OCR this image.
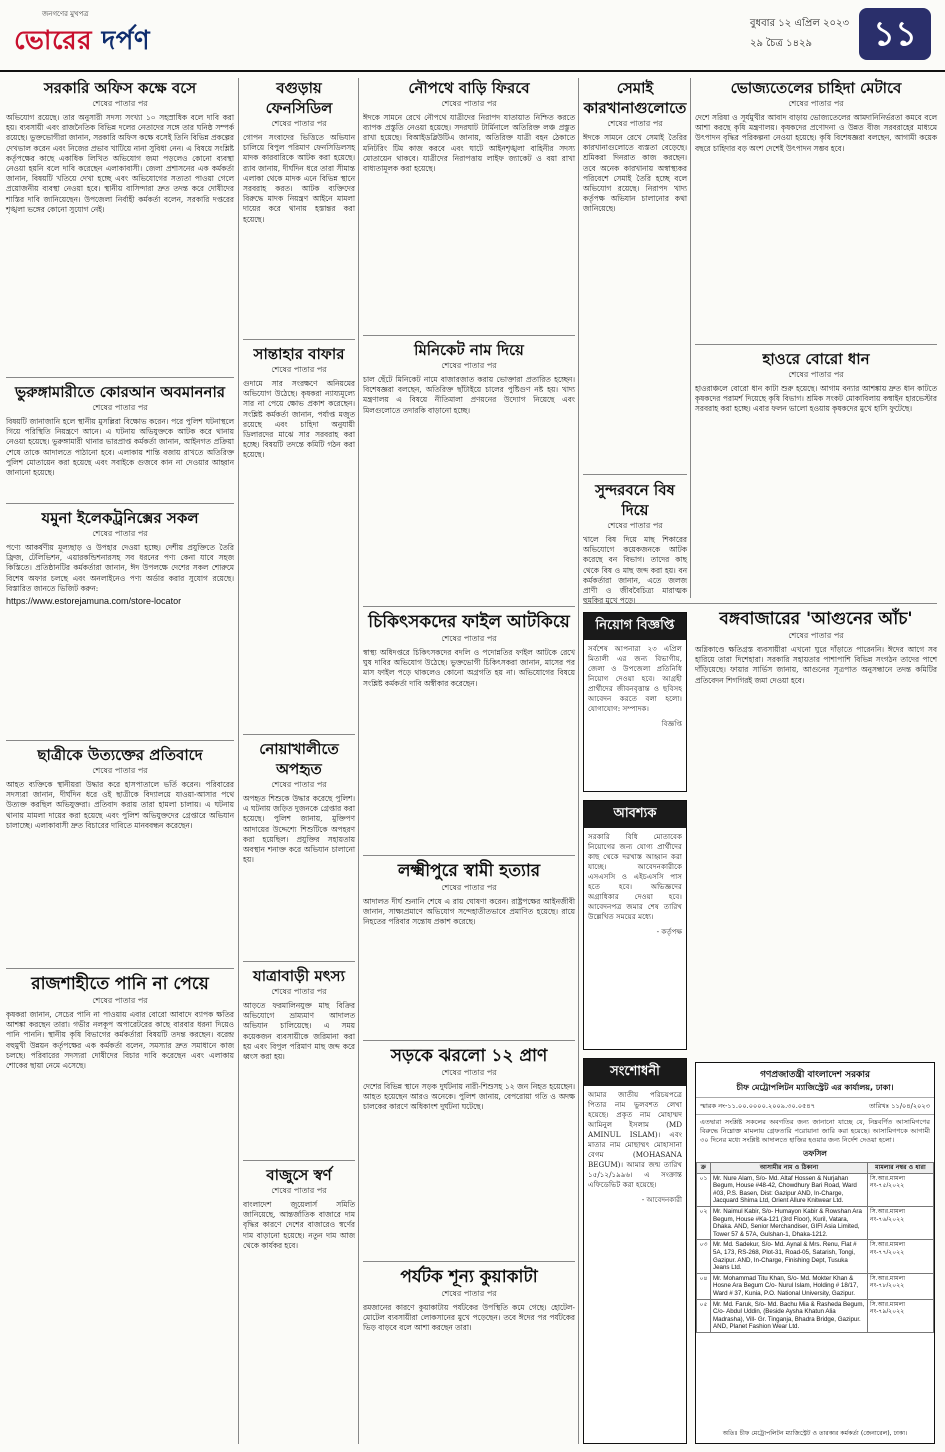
জনগণের মুখপত্র
ভোরের দর্পণ
বুধবার ১২ এপ্রিল ২০২৩
২৯ চৈত্র ১৪২৯	১১
সরকারি অফিস কক্ষে বসে
শেষের পাতার পর
অভিযোগ রয়েছে। তার অনুসারী সদস্য সংখ্যা ১০ সহস্রাধিক বলে দাবি করা হয়। ব্যবসায়ী এবং রাজনৈতিক বিভিন্ন দলের নেতাদের সঙ্গে তার ঘনিষ্ঠ সম্পর্ক রয়েছে। ভুক্তভোগীরা জানান, সরকারি অফিস কক্ষে বসেই তিনি বিভিন্ন প্রকল্পের দেখভাল করেন এবং নিজের প্রভাব খাটিয়ে নানা সুবিধা নেন। এ বিষয়ে সংশ্লিষ্ট কর্তৃপক্ষের কাছে একাধিক লিখিত অভিযোগ জমা পড়লেও কোনো ব্যবস্থা নেওয়া হয়নি বলে দাবি করেছেন এলাকাবাসী। জেলা প্রশাসনের এক কর্মকর্তা জানান, বিষয়টি খতিয়ে দেখা হচ্ছে এবং অভিযোগের সত্যতা পাওয়া গেলে প্রয়োজনীয় ব্যবস্থা নেওয়া হবে। স্থানীয় বাসিন্দারা দ্রুত তদন্ত করে দোষীদের শাস্তির দাবি জানিয়েছেন। উপজেলা নির্বাহী কর্মকর্তা বলেন, সরকারি দপ্তরের শৃঙ্খলা ভঙ্গের কোনো সুযোগ নেই।
ভুরুঙ্গামারীতে কোরআন অবমাননার
শেষের পাতার পর
বিষয়টি জানাজানি হলে স্থানীয় মুসল্লিরা বিক্ষোভ করেন। পরে পুলিশ ঘটনাস্থলে গিয়ে পরিস্থিতি নিয়ন্ত্রণে আনে। এ ঘটনায় অভিযুক্তকে আটক করে থানায় নেওয়া হয়েছে। ভুরুঙ্গামারী থানার ভারপ্রাপ্ত কর্মকর্তা জানান, আইনগত প্রক্রিয়া শেষে তাকে আদালতে পাঠানো হবে। এলাকায় শান্তি বজায় রাখতে অতিরিক্ত পুলিশ মোতায়েন করা হয়েছে এবং সবাইকে গুজবে কান না দেওয়ার আহ্বান জানানো হয়েছে।
যমুনা ইলেকট্রনিক্সের সকল
শেষের পাতার পর
পণ্যে আকর্ষণীয় মূল্যছাড় ও উপহার দেওয়া হচ্ছে। দেশীয় প্রযুক্তিতে তৈরি ফ্রিজ, টেলিভিশন, এয়ারকন্ডিশনারসহ সব ধরনের পণ্য কেনা যাবে সহজ কিস্তিতে। প্রতিষ্ঠানটির কর্মকর্তারা জানান, ঈদ উপলক্ষে দেশের সকল শোরুমে বিশেষ অফার চলছে এবং অনলাইনেও পণ্য অর্ডার করার সুযোগ রয়েছে। বিস্তারিত জানতে ভিজিট করুন:
https://www.estorejamuna.com/store-locator
ছাত্রীকে উত্যক্তের প্রতিবাদে
শেষের পাতার পর
আহত ব্যক্তিকে স্থানীয়রা উদ্ধার করে হাসপাতালে ভর্তি করেন। পরিবারের সদস্যরা জানান, দীর্ঘদিন ধরে ওই ছাত্রীকে বিদ্যালয়ে যাওয়া-আসার পথে উত্যক্ত করছিল অভিযুক্তরা। প্রতিবাদ করায় তারা হামলা চালায়। এ ঘটনায় থানায় মামলা দায়ের করা হয়েছে এবং পুলিশ অভিযুক্তদের গ্রেপ্তারে অভিযান চালাচ্ছে। এলাকাবাসী দ্রুত বিচারের দাবিতে মানববন্ধন করেছেন।
রাজশাহীতে পানি না পেয়ে
শেষের পাতার পর
কৃষকরা জানান, সেচের পানি না পাওয়ায় এবার বোরো আবাদে ব্যাপক ক্ষতির আশঙ্কা করছেন তারা। গভীর নলকূপ অপারেটরের কাছে বারবার ধরনা দিয়েও পানি পাননি। স্থানীয় কৃষি বিভাগের কর্মকর্তারা বিষয়টি তদন্ত করছেন। বরেন্দ্র বহুমুখী উন্নয়ন কর্তৃপক্ষের এক কর্মকর্তা বলেন, সমস্যার দ্রুত সমাধানে কাজ চলছে। পরিবারের সদস্যরা দোষীদের বিচার দাবি করেছেন এবং এলাকায় শোকের ছায়া নেমে এসেছে।
বগুড়ায় ফেনসিডিল
শেষের পাতার পর
গোপন সংবাদের ভিত্তিতে অভিযান চালিয়ে বিপুল পরিমাণ ফেনসিডিলসহ মাদক কারবারিকে আটক করা হয়েছে। র‍্যাব জানায়, দীর্ঘদিন ধরে তারা সীমান্ত এলাকা থেকে মাদক এনে বিভিন্ন স্থানে সরবরাহ করত। আটক ব্যক্তিদের বিরুদ্ধে মাদক নিয়ন্ত্রণ আইনে মামলা দায়ের করে থানায় হস্তান্তর করা হয়েছে।
সান্তাহার বাফার
শেষের পাতার পর
গুদামে সার সংরক্ষণে অনিয়মের অভিযোগ উঠেছে। কৃষকরা ন্যায্যমূল্যে সার না পেয়ে ক্ষোভ প্রকাশ করেছেন। সংশ্লিষ্ট কর্মকর্তা জানান, পর্যাপ্ত মজুত রয়েছে এবং চাহিদা অনুযায়ী ডিলারদের মাঝে সার সরবরাহ করা হচ্ছে। বিষয়টি তদন্তে কমিটি গঠন করা হয়েছে।
নোয়াখালীতে অপহৃত
শেষের পাতার পর
অপহৃত শিশুকে উদ্ধার করেছে পুলিশ। এ ঘটনায় জড়িত দুজনকে গ্রেপ্তার করা হয়েছে। পুলিশ জানায়, মুক্তিপণ আদায়ের উদ্দেশ্যে শিশুটিকে অপহরণ করা হয়েছিল। প্রযুক্তির সহায়তায় অবস্থান শনাক্ত করে অভিযান চালানো হয়।
যাত্রাবাড়ী মৎস্য
শেষের পাতার পর
আড়তে ফরমালিনযুক্ত মাছ বিক্রির অভিযোগে ভ্রাম্যমাণ আদালত অভিযান চালিয়েছে। এ সময় কয়েকজন ব্যবসায়ীকে জরিমানা করা হয় এবং বিপুল পরিমাণ মাছ জব্দ করে ধ্বংস করা হয়।
বাজুসে স্বর্ণ
শেষের পাতার পর
বাংলাদেশ জুয়েলার্স সমিতি জানিয়েছে, আন্তর্জাতিক বাজারে দাম বৃদ্ধির কারণে দেশের বাজারেও স্বর্ণের দাম বাড়ানো হয়েছে। নতুন দাম আজ থেকে কার্যকর হবে।
নৌপথে বাড়ি ফিরবে
শেষের পাতার পর
ঈদকে সামনে রেখে নৌপথে যাত্রীদের নিরাপদ যাতায়াত নিশ্চিত করতে ব্যাপক প্রস্তুতি নেওয়া হয়েছে। সদরঘাট টার্মিনালে অতিরিক্ত লঞ্চ প্রস্তুত রাখা হয়েছে। বিআইডব্লিউটিএ জানায়, অতিরিক্ত যাত্রী বহন ঠেকাতে মনিটরিং টিম কাজ করবে এবং ঘাটে আইনশৃঙ্খলা বাহিনীর সদস্য মোতায়েন থাকবে। যাত্রীদের নিরাপত্তায় লাইফ জ্যাকেট ও বয়া রাখা বাধ্যতামূলক করা হয়েছে।
মিনিকেট নাম দিয়ে
শেষের পাতার পর
চাল ছেঁটে মিনিকেট নামে বাজারজাত করায় ভোক্তারা প্রতারিত হচ্ছেন। বিশেষজ্ঞরা বলছেন, অতিরিক্ত ছাঁটাইয়ে চালের পুষ্টিগুণ নষ্ট হয়। খাদ্য মন্ত্রণালয় এ বিষয়ে নীতিমালা প্রণয়নের উদ্যোগ নিয়েছে এবং মিলগুলোতে তদারকি বাড়ানো হচ্ছে।
চিকিৎসকদের ফাইল আটকিয়ে
শেষের পাতার পর
স্বাস্থ্য অধিদপ্তরে চিকিৎসকদের বদলি ও পদোন্নতির ফাইল আটকে রেখে ঘুষ দাবির অভিযোগ উঠেছে। ভুক্তভোগী চিকিৎসকরা জানান, মাসের পর মাস ফাইল পড়ে থাকলেও কোনো অগ্রগতি হয় না। অভিযোগের বিষয়ে সংশ্লিষ্ট কর্মকর্তা দাবি অস্বীকার করেছেন।
লক্ষ্মীপুরে স্বামী হত্যার
শেষের পাতার পর
আদালত দীর্ঘ শুনানি শেষে এ রায় ঘোষণা করেন। রাষ্ট্রপক্ষের আইনজীবী জানান, সাক্ষ্যপ্রমাণে অভিযোগ সন্দেহাতীতভাবে প্রমাণিত হয়েছে। রায়ে নিহতের পরিবার সন্তোষ প্রকাশ করেছে।
সড়কে ঝরলো ১২ প্রাণ
শেষের পাতার পর
দেশের বিভিন্ন স্থানে সড়ক দুর্ঘটনায় নারী-শিশুসহ ১২ জন নিহত হয়েছেন। আহত হয়েছেন আরও অনেকে। পুলিশ জানায়, বেপরোয়া গতি ও অদক্ষ চালকের কারণে অধিকাংশ দুর্ঘটনা ঘটেছে।
পর্যটক শূন্য কুয়াকাটা
শেষের পাতার পর
রমজানের কারণে কুয়াকাটায় পর্যটকের উপস্থিতি কমে গেছে। হোটেল-মোটেল ব্যবসায়ীরা লোকসানের মুখে পড়েছেন। তবে ঈদের পর পর্যটকের ভিড় বাড়বে বলে আশা করছেন তারা।
সেমাই কারখানাগুলোতে
শেষের পাতার পর
ঈদকে সামনে রেখে সেমাই তৈরির কারখানাগুলোতে ব্যস্ততা বেড়েছে। শ্রমিকরা দিনরাত কাজ করছেন। তবে অনেক কারখানায় অস্বাস্থ্যকর পরিবেশে সেমাই তৈরি হচ্ছে বলে অভিযোগ রয়েছে। নিরাপদ খাদ্য কর্তৃপক্ষ অভিযান চালানোর কথা জানিয়েছে।
ভোজ্যতেলের চাহিদা মেটাবে
শেষের পাতার পর
দেশে সরিষা ও সূর্যমুখীর আবাদ বাড়ায় ভোজ্যতেলের আমদানিনির্ভরতা কমবে বলে আশা করছে কৃষি মন্ত্রণালয়। কৃষকদের প্রণোদনা ও উন্নত বীজ সরবরাহের মাধ্যমে উৎপাদন বৃদ্ধির পরিকল্পনা নেওয়া হয়েছে। কৃষি বিশেষজ্ঞরা বলছেন, আগামী কয়েক বছরে চাহিদার বড় অংশ দেশেই উৎপাদন সম্ভব হবে।
হাওরে বোরো ধান
শেষের পাতার পর
হাওরাঞ্চলে বোরো ধান কাটা শুরু হয়েছে। আগাম বন্যার আশঙ্কায় দ্রুত ধান কাটতে কৃষকদের পরামর্শ দিয়েছে কৃষি বিভাগ। শ্রমিক সংকট মোকাবিলায় কম্বাইন হারভেস্টার সরবরাহ করা হচ্ছে। এবার ফলন ভালো হওয়ায় কৃষকদের মুখে হাসি ফুটেছে।
সুন্দরবনে বিষ দিয়ে
শেষের পাতার পর
খালে বিষ দিয়ে মাছ শিকারের অভিযোগে কয়েকজনকে আটক করেছে বন বিভাগ। তাদের কাছ থেকে বিষ ও মাছ জব্দ করা হয়। বন কর্মকর্তারা জানান, এতে জলজ প্রাণী ও জীববৈচিত্র্য মারাত্মক হুমকির মুখে পড়ে।
বঙ্গবাজারের 'আগুনের আঁচ'
শেষের পাতার পর
অগ্নিকাণ্ডে ক্ষতিগ্রস্ত ব্যবসায়ীরা এখনো ঘুরে দাঁড়াতে পারেননি। ঈদের আগে সব হারিয়ে তারা দিশেহারা। সরকারি সহায়তার পাশাপাশি বিভিন্ন সংগঠন তাদের পাশে দাঁড়িয়েছে। ফায়ার সার্ভিস জানায়, আগুনের সূত্রপাত অনুসন্ধানে তদন্ত কমিটির প্রতিবেদন শিগগিরই জমা দেওয়া হবে।
নিয়োগ বিজ্ঞপ্তি
সর্বশেষ আপনারা ২৩ এপ্রিল মিতালী এর জন্য বিভাগীয়, জেলা ও উপজেলা প্রতিনিধি নিয়োগ দেওয়া হবে। আগ্রহী প্রার্থীদের জীবনবৃত্তান্ত ও ছবিসহ আবেদন করতে বলা হলো। যোগাযোগ: সম্পাদক।
বিজ্ঞপ্তি
আবশ্যক
সরকারি বিধি মোতাবেক নিয়োগের জন্য যোগ্য প্রার্থীদের কাছ থেকে দরখাস্ত আহ্বান করা যাচ্ছে। আবেদনকারীকে এসএসসি ও এইচএসসি পাস হতে হবে। অভিজ্ঞদের অগ্রাধিকার দেওয়া হবে। আবেদনপত্র জমার শেষ তারিখ উল্লেখিত সময়ের মধ্যে।
- কর্তৃপক্ষ
সংশোধনী
আমার জাতীয় পরিচয়পত্রে পিতার নাম ভুলবশত লেখা হয়েছে। প্রকৃত নাম মোহাম্মদ আমিনুল ইসলাম (MD AMINUL ISLAM)। এবং মাতার নাম মোছাম্মৎ মোহাসানা বেগম (MOHASANA BEGUM)। আমার জন্ম তারিখ ১৫/১২/১৯৯৬। এ সংক্রান্ত এফিডেভিট করা হয়েছে।
- আবেদনকারী
গণপ্রজাতন্ত্রী বাংলাদেশ সরকার
চীফ মেট্রোপলিটন ম্যাজিস্ট্রেট এর কার্যালয়, ঢাকা।
স্মারক নং-১১.০০.০০০০.২০০৯.৩০.০৫৪৭	তারিখঃ ১১/০৪/২০২৩
এতদ্বারা সংশ্লিষ্ট সকলের অবগতির জন্য জানানো যাচ্ছে যে, নিম্নবর্ণিত আসামিগণের বিরুদ্ধে নিম্নোক্ত মামলায় গ্রেফতারি পরোয়ানা জারি করা হয়েছে। আসামিগণকে আগামী ৩০ দিনের মধ্যে সংশ্লিষ্ট আদালতে হাজির হওয়ার জন্য নির্দেশ দেওয়া হলো।
তফসিল
ক্র	আসামীর নাম ও ঠিকানা	মামলার নম্বর ও ধারা
০১	Mr. Nure Alam, S/o- Md. Altaf Hossen & Nurjahan Begum, House #48-42, Chowdhury Bari Road, Ward #03, P.S. Basen, Dist: Gazipur AND, In-Charge, Jacquard Shima Ltd, Orient Allure Knitwear Ltd.	সি.আর.মামলা নং-৭৫/২০২২
০২	Mr. Naimul Kabir, S/o- Humayon Kabir & Rowshan Ara Begum, House #Ka-121 (3rd Floor), Kuril, Vatara, Dhaka. AND, Senior Merchandiser, GIFI Asia Limited, Tower 57 & 57A, Gulshan-1, Dhaka-1212.	সি.আর.মামলা নং-৭৬/২০২২
০৩	Mr. Md. Sadekur, S/o- Md. Aynal & Mrs. Renu, Flat # 5A, 173, RS-268, Plot-31, Road-05, Satarish, Tongi, Gazipur. AND, In-Charge, Finishing Dept, Tusuka Jeans Ltd.	সি.আর.মামলা নং-৭৭/২০২২
০৪	Mr. Mohammad Titu Khan, S/o- Md. Mokter Khan & Hosne Ara Begum C/o- Nurul Islam, Holding # 18/17, Ward # 37, Kunia, P.O. National University, Gazipur.	সি.আর.মামলা নং-৭৮/২০২২
০৫	Mr. Md. Faruk, S/o- Md. Bachu Mia & Rasheda Begum, C/o- Abdul Uddin, (Beside Aysha Khatun Alia Madrasha), Vill- Gr. Tinganja, Bhadra Bridge, Gazipur. AND, Planet Fashion Wear Ltd.	সি.আর.মামলা নং-৭৯/২০২২
অতিঃ চীফ মেট্রোপলিটন ম্যাজিস্ট্রেট ও তারকার কর্মকর্তা (জেনারেল), ঢাকা।
